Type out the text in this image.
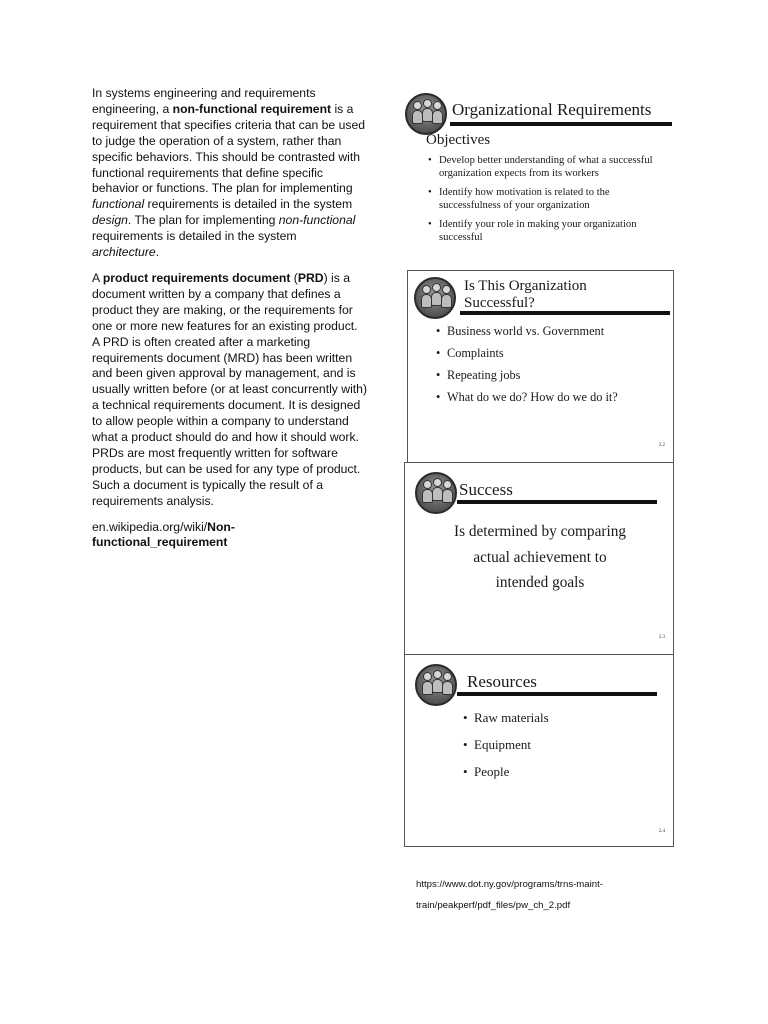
In systems engineering and requirements engineering, a non-functional requirement is a requirement that specifies criteria that can be used to judge the operation of a system, rather than specific behaviors. This should be contrasted with functional requirements that define specific behavior or functions. The plan for implementing functional requirements is detailed in the system design. The plan for implementing non-functional requirements is detailed in the system architecture.

A product requirements document (PRD) is a document written by a company that defines a product they are making, or the requirements for one or more new features for an existing product. A PRD is often created after a marketing requirements document (MRD) has been written and been given approval by management, and is usually written before (or at least concurrently with) a technical requirements document. It is designed to allow people within a company to understand what a product should do and how it should work. PRDs are most frequently written for software products, but can be used for any type of product. Such a document is typically the result of a requirements analysis.

en.wikipedia.org/wiki/Non-functional_requirement

Organizational Requirements
Objectives
• Develop better understanding of what a successful organization expects from its workers
• Identify how motivation is related to the successfulness of your organization
• Identify your role in making your organization successful
Is This Organization Successful?
• Business world vs. Government
• Complaints
• Repeating jobs
• What do we do? How do we do it?
2.2
Success
Is determined by comparing
actual achievement to
intended goals
2.3
Resources
• Raw materials
• Equipment
• People
2.4
https://www.dot.ny.gov/programs/trns-maint-
train/peakperf/pdf_files/pw_ch_2.pdf
